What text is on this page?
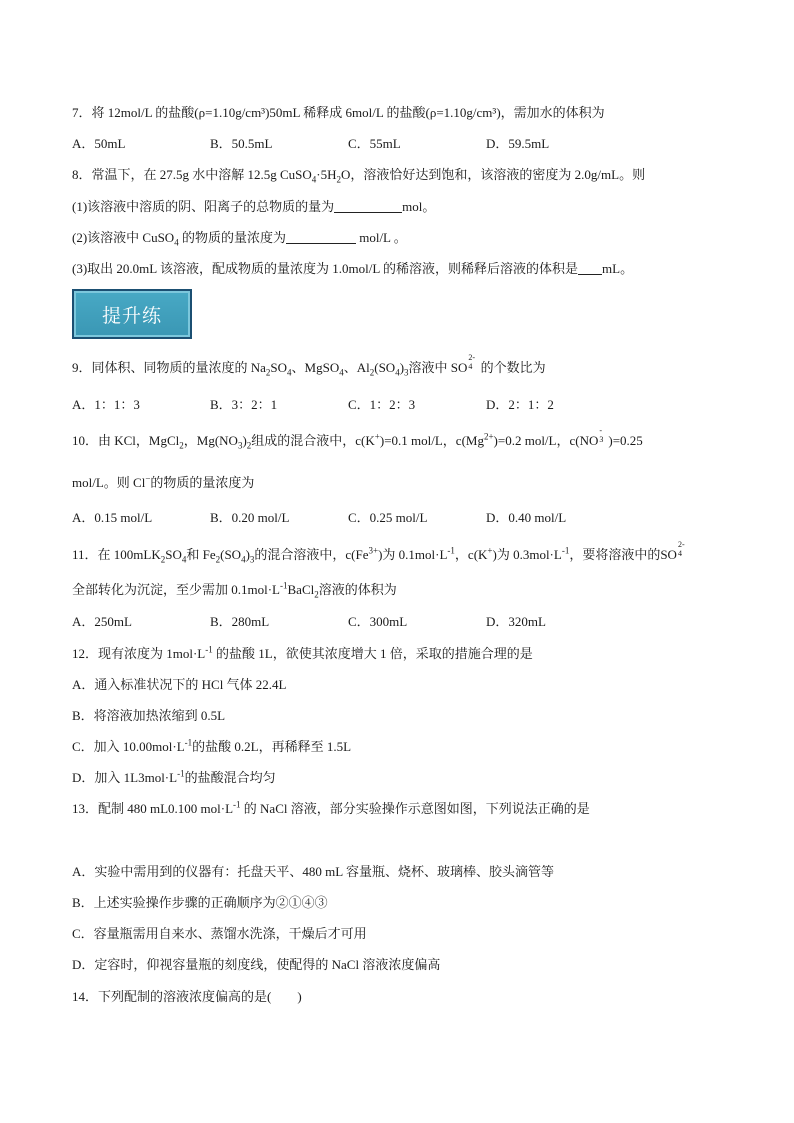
7．将 12mol/L 的盐酸(ρ=1.10g/cm³)50mL 稀释成 6mol/L 的盐酸(ρ=1.10g/cm³)，需加水的体积为
A．50mL	B．50.5mL	C．55mL	D．59.5mL
8．常温下，在 27.5g 水中溶解 12.5g $CuSO_4\cdot 5H_2O$，溶液恰好达到饱和，该溶液的密度为 2.0g/mL。则
(1)该溶液中溶质的阴、阳离子的总物质的量为	mol。
(2)该溶液中 CuSO$_4$ 的物质的量浓度为	mol/L 。
(3)取出 20.0mL 该溶液，配成物质的量浓度为 1.0mol/L 的稀溶液，则稀释后溶液的体积是 mL。
提升练
9．同体积、同物质的量浓度的 $Na_2SO_4$、MgSO$_4$、$Al_2(SO_4)_3$溶液中 SO
2-
4 的个数比为
A．1：1：3	B．3：2：1	C．1：2：3	D．2：1：2
10．由 KCl，MgCl$_2$，$Mg(NO_3)_2$组成的混合液中，c(K+)=0.1 mol/L，$c(Mg^{2+})=0.2$ mol/L，c(NO
-
3 )=0.25
mol/L。则 Cl−的物质的量浓度为
A．0.15 mol/L	B．0.20 mol/L	C．0.25 mol/L	D．0.40 mol/L
11．在 $100mLK_2SO_4$和 $Fe_2(SO_4)_3$的混合溶液中，$c(Fe^{3+})$为 $0.1mol\cdot L^{-1}$，c(K+)为 $0.3mol\cdot L^{-1}$，要将溶液中的SO
2-
4
全部转化为沉淀，至少需加 $0.1mol\cdot L^{-1}BaCl_2$溶液的体积为
A．250mL	B．280mL	C．300mL	D．320mL
12．现有浓度为 $1mol\cdot L^{-1}$ 的盐酸 1L，欲使其浓度增大 1 倍，采取的措施合理的是
A．通入标准状况下的 HCl 气体 22.4L
B．将溶液加热浓缩到 0.5L
C．加入 $10.00mol\cdot L^{-1}$的盐酸 0.2L，再稀释至 1.5L
D．加入 $1L3mol\cdot L^{-1}$的盐酸混合均匀
13．配制 480 mL0.100 $mol\cdot L^{-1}$ 的 NaCl 溶液，部分实验操作示意图如图，下列说法正确的是
A．实验中需用到的仪器有：托盘天平、480 mL 容量瓶、烧杯、玻璃棒、胶头滴管等
B．上述实验操作步骤的正确顺序为②①④③
C．容量瓶需用自来水、蒸馏水洗涤，干燥后才可用
D．定容时，仰视容量瓶的刻度线，使配得的 NaCl 溶液浓度偏高
14．下列配制的溶液浓度偏高的是(　　)
